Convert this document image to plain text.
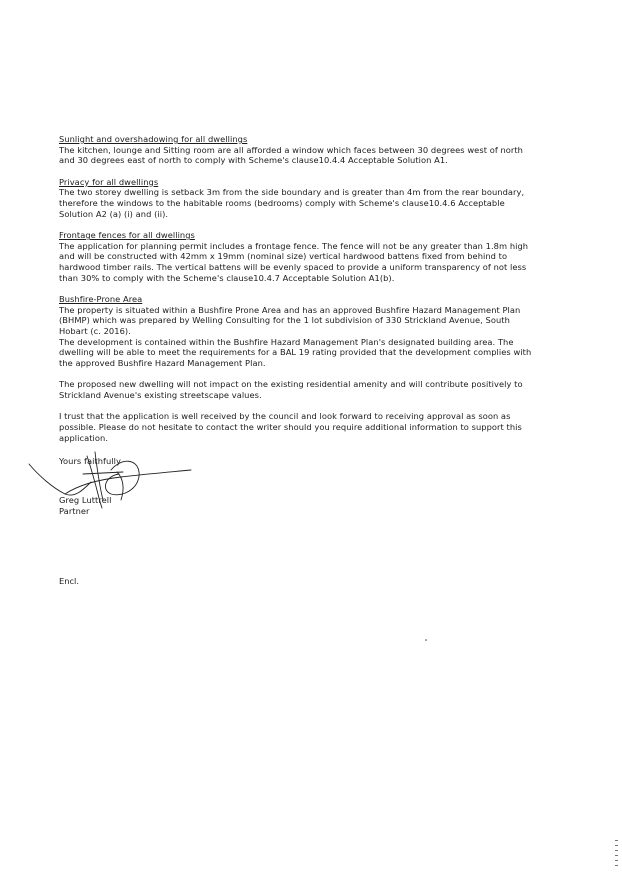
Sunlight and overshadowing for all dwellings

The kitchen, lounge and Sitting room are all afforded a window which faces between 30 degrees west of north and 30 degrees east of north to comply with Scheme's clause10.4.4 Acceptable Solution A1.

Privacy for all dwellings

The two storey dwelling is setback 3m from the side boundary and is greater than 4m from the rear boundary, therefore the windows to the habitable rooms (bedrooms) comply with Scheme's clause10.4.6 Acceptable Solution A2 (a) (i) and (ii).

Frontage fences for all dwellings

The application for planning permit includes a frontage fence. The fence will not be any greater than 1.8m high and will be constructed with 42mm x 19mm (nominal size) vertical hardwood battens fixed from behind to hardwood timber rails. The vertical battens will be evenly spaced to provide a uniform transparency of not less than 30% to comply with the Scheme's clause10.4.7 Acceptable Solution A1(b).

Bushfire-Prone Area

The property is situated within a Bushfire Prone Area and has an approved Bushfire Hazard Management Plan (BHMP) which was prepared by Welling Consulting for the 1 lot subdivision of 330 Strickland Avenue, South Hobart (c. 2016).

The development is contained within the Bushfire Hazard Management Plan's designated building area. The dwelling will be able to meet the requirements for a BAL 19 rating provided that the development complies with the approved Bushfire Hazard Management Plan.

The proposed new dwelling will not impact on the existing residential amenity and will contribute positively to Strickland Avenue's existing streetscape values.

I trust that the application is well received by the council and look forward to receiving approval as soon as possible. Please do not hesitate to contact the writer should you require additional information to support this application.

Yours faithfully
Greg Luttrell
Partner
Encl.
